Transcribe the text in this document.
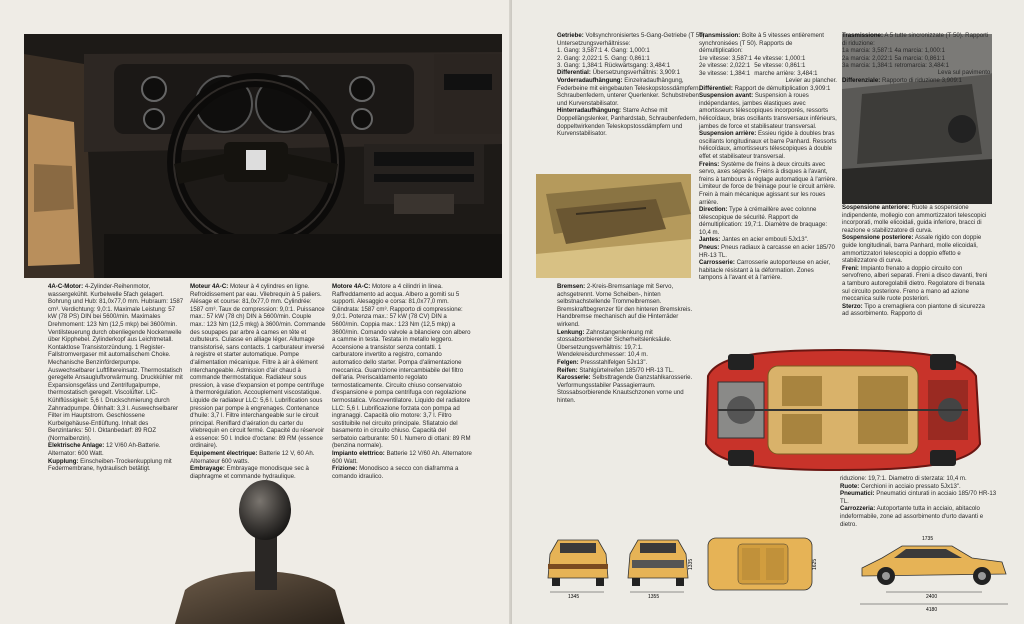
4A-C-Motor: 4-Zylinder-Reihenmotor, wassergekühlt. Kurbelwelle 5fach gelagert. Bohrung und Hub: 81,0x77,0 mm. Hubraum: 1587 cm³. Verdichtung: 9,0:1. Maximale Leistung: 57 kW (78 PS) DIN bei 5600/min. Maximales Drehmoment: 123 Nm (12,5 mkp) bei 3600/min. Ventilsteuerung durch obenliegende Nockenwelle über Kipphebel. Zylinderkopf aus Leichtmetall. Kontaktlose Transistorzündung. 1 Register-Fallstromvergaser mit automatischem Choke. Mechanische Benzinförderpumpe. Auswechselbarer Luftfiltereinsatz. Thermostatisch geregelte Ansaugluftvorwärmung. Druckkühler mit Expansionsgefäss und Zentrifugalpumpe, thermostatisch geregelt. Viscolüfter. LIC-Kühlflüssigkeit: 5,6 l. Druckschmierung durch Zahnradpumpe. Ölinhalt: 3,3 l. Auswechselbarer Filter im Hauptstrom. Geschlossene Kurbelgehäuse-Entlüftung. Inhalt des Benzintanks: 50 l. Oktanbedarf: 89 ROZ (Normalbenzin).

Elektrische Anlage: 12 V/60 Ah-Batterie. Alternator: 600 Watt.

Kupplung: Einscheiben-Trockenkupplung mit Federmembrane, hydraulisch betätigt.

Moteur 4A-C: Moteur à 4 cylindres en ligne. Refroidissement par eau. Vilebrequin à 5 paliers. Alésage et course: 81,0x77,0 mm. Cylindrée: 1587 cm³. Taux de compression: 9,0:1. Puissance max.: 57 kW (78 ch) DIN à 5600/min. Couple max.: 123 Nm (12,5 mkg) à 3600/min. Commande des soupapes par arbre à cames en tête et culbuteurs. Culasse en alliage léger. Allumage transistorisé, sans contacts. 1 carburateur inversé à registre et starter automatique. Pompe d'alimentation mécanique. Filtre à air à élément interchangeable. Admission d'air chaud à commande thermostatique. Radiateur sous pression, à vase d'expansion et pompe centrifuge à thermorégulation. Accouplement viscostatique. Liquide de radiateur LLC: 5,6 l. Lubrification sous pression par pompe à engrenages. Contenance d'huile: 3,7 l. Filtre interchangeable sur le circuit principal. Reniflard d'aération du carter du vilebrequin en circuit fermé. Capacité du réservoir à essence: 50 l. Indice d'octane: 89 RM (essence ordinaire).

Equipement électrique: Batterie 12 V, 60 Ah. Alternateur 600 watts.

Embrayage: Embrayage monodisque sec à diaphragme et commande hydraulique.

Motore 4A-C: Motore a 4 cilindri in linea. Raffreddamento ad acqua. Albero a gomiti su 5 supporti. Alesaggio e corsa: 81,0x77,0 mm. Cilindrata: 1587 cm³. Rapporto di compressione: 9,0:1. Potenza max.: 57 kW (78 CV) DIN a 5600/min. Coppia max.: 123 Nm (12,5 mkp) a 3600/min. Comando valvole a bilanciere con albero a camme in testa. Testata in metallo leggero. Accensione a transistor senza contatti. 1 carburatore invertito a registro, comando automatico dello starter. Pompa d'alimentazione meccanica. Guarnizione intercambiabile del filtro dell'aria. Preriscaldamento regolato termostaticamente. Circuito chiuso conservatoio d'espansione e pompa centrifuga con regolazione termostatica. Viscoventilatore. Liquido del radiatore LLC: 5,6 l. Lubrificazione forzata con pompa ad ingranaggi. Capacità olio motore: 3,7 l. Filtro sostituibile nel circuito principale. Sfiatatoio del basamento in circuito chiuso. Capacità del serbatoio carburante: 50 l. Numero di ottani: 89 RM (benzina normale).

Impianto elettrico: Batterie 12 V/60 Ah. Alternatore 600 Watt.

Frizione: Monodisco a secco con diaframma a comando idraulico.

Getriebe: Vollsynchronisiertes 5-Gang-Getriebe (T 50). Untersetzungsverhältnisse:

1. Gang: 3,587:1	4. Gang: 1,000:1
2. Gang: 2,022:1	5. Gang: 0,861:1
3. Gang: 1,384:1	Rückwärtsgang: 3,484:1

Differential: Übersetzungsverhältnis: 3,909:1

Vorderradaufhängung: Einzelradaufhängung, Federbeine mit eingebauten Teleskopstossdämpfern, Schraubenfedern, unterer Querlenker. Schubstreben und Kurvenstabilisator.

Hinterradaufhängung: Starre Achse mit Doppellängslenker, Panhardstab, Schraubenfedern, doppeltwirkenden Teleskopstossdämpfern und Kurvenstabilisator.

Transmission: Boîte à 5 vitesses entièrement synchronisées (T 50). Rapports de démultiplication:

1re vitesse: 3,587:1	4e vitesse: 1,000:1
2e vitesse: 2,022:1	5e vitesse: 0,861:1
3e vitesse: 1,384:1	marche arrière: 3,484:1

Levier au plancher.

Différentiel: Rapport de démultiplication 3,909:1

Suspension avant: Suspension à roues indépendantes, jambes élastiques avec amortisseurs télescopiques incorporés, ressorts hélicoïdaux, bras oscillants transversaux inférieurs, jambes de force et stabilisateur transversal.

Suspension arrière: Essieu rigide à doubles bras oscillants longitudinaux et barre Panhard. Ressorts hélicoïdaux, amortisseurs télescopiques à double effet et stabilisateur transversal.

Freins: Système de freins à deux circuits avec servo, axes séparés. Freins à disques à l'avant, freins à tambours à réglage automatique à l'arrière. Limiteur de force de freinage pour le circuit arrière. Frein à main mécanique agissant sur les roues arrière.

Direction: Type à crémaillère avec colonne télescopique de sécurité. Rapport de démultiplication: 19,7:1. Diamètre de braquage: 10,4 m.

Jantes: Jantes en acier embouti 5Jx13".

Pneus: Pneus radiaux à carcasse en acier 185/70 HR-13 TL.

Carrosserie: Carrosserie autoporteuse en acier, habitacle résistant à la déformation. Zones tampons à l'avant et à l'arrière.

Bremsen: 2-Kreis-Bremsanlage mit Servo, achsgetrennt. Vorne Scheiben-, hinten selbstnachstellende Trommelbremsen. Bremskraftbegrenzer für den hinteren Bremskreis. Handbremse mechanisch auf die Hinterräder wirkend.

Lenkung: Zahnstangenlenkung mit stossabsorbierender Sicherheitslenksäule. Übersetzungsverhältnis: 19,7:1. Wendekreisdurchmesser: 10,4 m.

Felgen: Pressstahlfelgen 5Jx13".

Reifen: Stahlgürtelreifen 185/70 HR-13 TL.

Karosserie: Selbsttragende Ganzstahlkarosserie. Verformungsstabiler Passagierraum. Stossabsorbierende Knautschzonen vorne und hinten.

Trasmissione: A 5 tutte sincronizzate (T 50). Rapporti di riduzione:

1a marcia: 3,587:1	4a marcia: 1,000:1
2a marcia: 2,022:1	5a marcia: 0,861:1
3a marcia: 1,384:1	retromarcia: 3,484:1

Leva sul pavimento.

Differenziale: Rapporto di riduzione 3,909:1

Sospensione anteriore: Ruote a sospensione indipendente, mollegio con ammortizzatori telescopici incorporati, molle elicoidali, guida inferiore, bracci di reazione e stabilizzatore di curva.

Sospensione posteriore: Assale rigido con doppie guide longitudinali, barra Panhard, molle elicoidali, ammortizzatori telescopici a doppio effetto e stabilizzatore di curva.

Freni: Impianto frenato a doppio circuito con servofreno, alberi separati. Freni a disco davanti, freni a tamburo autoregolabili dietro. Regolatore di frenata sul circuito posteriore. Freno a mano ad azione meccanica sulle ruote posteriori.

Sterzo: Tipo a cremagliera con piantone di sicurezza ad assorbimento. Rapporto di

riduzione: 19,7:1. Diametro di sterzata: 10,4 m.

Ruote: Cerchioni in acciaio pressato 5Jx13".

Pneumatici: Pneumatici cinturati in acciaio 185/70 HR-13 TL.

Carrozzeria: Autoportante tutta in acciaio, abitacolo indeformabile, zone ad assorbimento d'urto davanti e dietro.

1345	1355
1335	1625
1735
2400
4180
